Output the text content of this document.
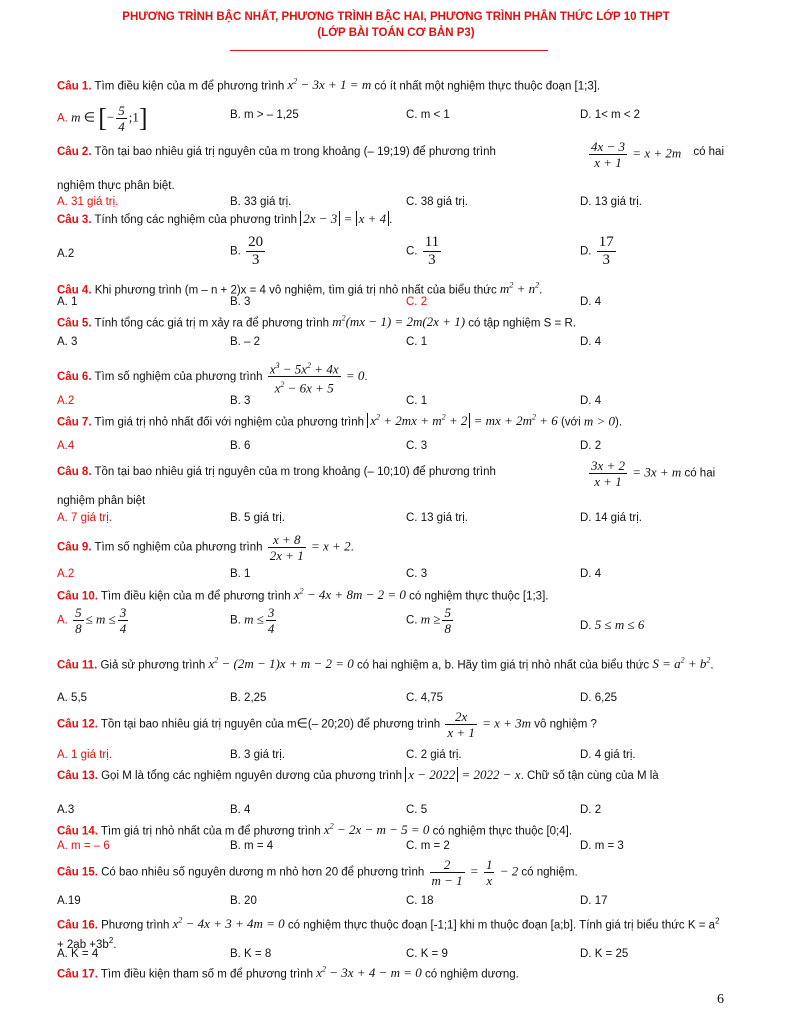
PHƯƠNG TRÌNH BẬC NHẤT, PHƯƠNG TRÌNH BẬC HAI, PHƯƠNG TRÌNH PHÂN THỨC LỚP 10 THPT
(LỚP BÀI TOÁN CƠ BẢN P3)
Câu 1. Tìm điều kiện của m để phương trình $x^2 - 3x + 1 = m$ có ít nhất một nghiệm thực thuộc đoạn [1;3].
A. m ∈ [− $\frac{5}{4}$ ;1]	B. m > – 1,25	C. m < 1	D. 1< m < 2
Câu 2. Tồn tại bao nhiêu giá trị nguyên của m trong khoảng (– 19;19) để phương trình	$\frac{4x - 3}{x + 1} = x + 2m$ có hai
nghiệm thực phân biệt.
A. 31 giá trị.	B. 33 giá trị.	C. 38 giá trị.	D. 13 giá trị.
Câu 3. Tính tổng các nghiệm của phương trình 2x − 3 = x + 4 .
A.2	B. $\frac{20}{3}$	C. $\frac{11}{3}$	D. $\frac{17}{3}$
Câu 4. Khi phương trình (m – n + 2)x = 4 vô nghiệm, tìm giá trị nhỏ nhất của biểu thức $m^2 + n^2$.
A. 1	B. 3	C. 2	D. 4
Câu 5. Tính tổng các giá trị m xảy ra để phương trình $m^2(mx - 1) = 2m(2x + 1)$ có tập nghiệm S = R.
A. 3	B. – 2	C. 1	D. 4
Câu 6. Tìm số nghiệm của phương trình $\frac{x^3 - 5x^2 + 4x}{x^2 - 6x + 5} = 0$.
A.2	B. 3	C. 1	D. 4
Câu 7. Tìm giá trị nhỏ nhất đối với nghiệm của phương trình $x^2 + 2mx + m^2 + 2$ = mx + $2m^2 + 6$ (với m > 0).
A.4	B. 6	C. 3	D. 2
Câu 8. Tồn tại bao nhiêu giá trị nguyên của m trong khoảng (– 10;10) để phương trình	$\frac{3x + 2}{x + 1} = 3x + m$ có hai
nghiệm phân biệt
A. 7 giá trị.	B. 5 giá trị.	C. 13 giá trị.	D. 14 giá trị.
Câu 9. Tìm số nghiệm của phương trình $\frac{x + 8}{2x + 1} = x + 2$.
A.2	B. 1	C. 3	D. 4
Câu 10. Tìm điều kiện của m để phương trình $x^2 - 4x + 8m - 2 = 0$ có nghiệm thực thuộc [1;3].
A. $\frac{5}{8} \le m \le \frac{3}{4}$	B. $m \le \frac{3}{4}$	C. $m \ge \frac{5}{8}$	D. 5 ≤ m ≤ 6
Câu 11. Giả sử phương trình $x^2 - (2m - 1)x + m - 2 = 0$ có hai nghiệm a, b. Hãy tìm giá trị nhỏ nhất của biểu thức $S = a^2 + b^2$.
A. 5,5	B. 2,25	C. 4,75	D. 6,25
Câu 12. Tồn tại bao nhiêu giá trị nguyên của m∈(– 20;20) để phương trình $\frac{2x}{x + 1} = x + 3m$ vô nghiệm ?
A. 1 giá trị.	B. 3 giá trị.	C. 2 giá trị.	D. 4 giá trị.
Câu 13. Gọi M là tổng các nghiệm nguyên dương của phương trình x − 2022 = 2022 − x. Chữ số tận cùng của M là
A.3	B. 4	C. 5	D. 2
Câu 14. Tìm giá trị nhỏ nhất của m để phương trình $x^2 - 2x - m - 5 = 0$ có nghiệm thực thuộc [0;4].
A. m = – 6	B. m = 4	C. m = 2	D. m = 3
Câu 15. Có bao nhiêu số nguyên dương m nhỏ hơn 20 để phương trình $\frac{2}{m - 1} = \frac{1}{x} - 2$ có nghiệm.
A.19	B. 20	C. 18	D. 17
Câu 16. Phương trình $x^2 - 4x + 3 + 4m = 0$ có nghiệm thực thuộc đoạn [-1;1] khi m thuộc đoạn [a;b]. Tính giá trị biểu thức $K = a^2 + 2ab +3b^2$.
A. K = 4	B. K = 8	C. K = 9	D. K = 25
Câu 17. Tìm điều kiện tham số m để phương trình $x^2 - 3x + 4 - m = 0$ có nghiệm dương.
6
